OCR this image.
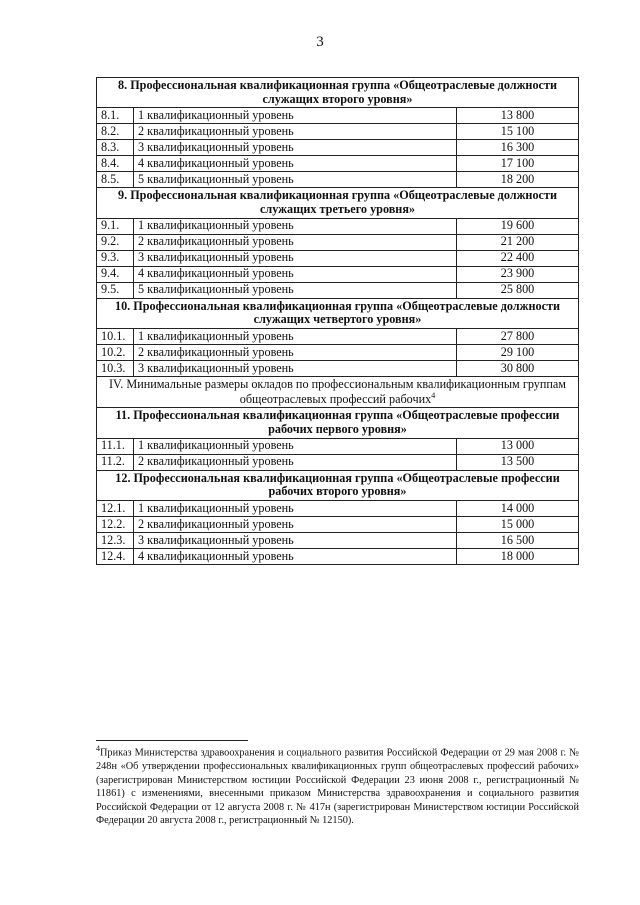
3
8. Профессиональная квалификационная группа «Общеотраслевые должности служащих второго уровня»		
8.1.	1 квалификационный уровень	13 800
8.2.	2 квалификационный уровень	15 100
8.3.	3 квалификационный уровень	16 300
8.4.	4 квалификационный уровень	17 100
8.5.	5 квалификационный уровень	18 200
9. Профессиональная квалификационная группа «Общеотраслевые должности служащих третьего уровня»		
9.1.	1 квалификационный уровень	19 600
9.2.	2 квалификационный уровень	21 200
9.3.	3 квалификационный уровень	22 400
9.4.	4 квалификационный уровень	23 900
9.5.	5 квалификационный уровень	25 800
10. Профессиональная квалификационная группа «Общеотраслевые должности служащих четвертого уровня»		
10.1.	1 квалификационный уровень	27 800
10.2.	2 квалификационный уровень	29 100
10.3.	3 квалификационный уровень	30 800
IV. Минимальные размеры окладов по профессиональным квалификационным группам общеотраслевых профессий рабочих$^4$
11. Профессиональная квалификационная группа «Общеотраслевые профессии рабочих первого уровня»		
11.1.	1 квалификационный уровень	13 000
11.2.	2 квалификационный уровень	13 500
12. Профессиональная квалификационная группа «Общеотраслевые профессии рабочих второго уровня»		
12.1.	1 квалификационный уровень	14 000
12.2.	2 квалификационный уровень	15 000
12.3.	3 квалификационный уровень	16 500
12.4.	4 квалификационный уровень	18 000
$^4$Приказ Министерства здравоохранения и социального развития Российской Федерации от 29 мая 2008 г. № 248н «Об утверждении профессиональных квалификационных групп общеотраслевых профессий рабочих» (зарегистрирован Министерством юстиции Российской Федерации 23 июня 2008 г., регистрационный № 11861) с изменениями, внесенными приказом Министерства здравоохранения и социального развития Российской Федерации от 12 августа 2008 г. № 417н (зарегистрирован Министерством юстиции Российской Федерации 20 августа 2008 г., регистрационный № 12150).
